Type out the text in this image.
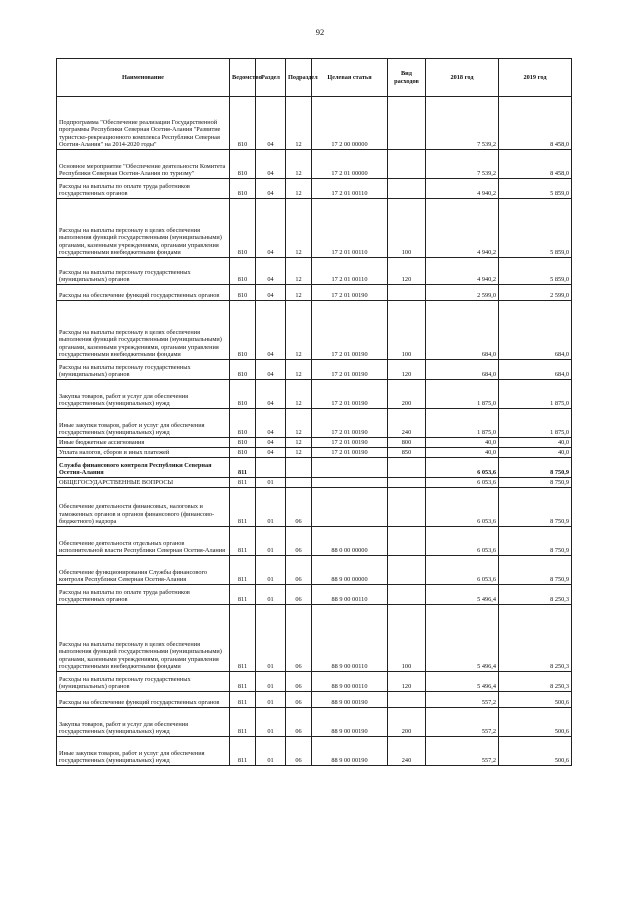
92
Наименование	Ведомство	Раздел	Подраздел	Целевая статья	Вид расходов	2018 год	2019 год
Подпрограмма "Обеспечение реализации Государственной программы Республики Северная Осетия-Алания "Развитие туристско-рекреационного комплекса Республики Северная Осетия-Алания" на 2014-2020 годы"	810	04	12	17 2 00 00000		7 539,2	8 458,0
Основное мероприятие "Обеспечение деятельности Комитета Республики Северная Осетия-Алания по туризму"	810	04	12	17 2 01 00000		7 539,2	8 458,0
Расходы на выплаты по оплате труда работников государственных органов	810	04	12	17 2 01 00110		4 940,2	5 859,0
Расходы на выплаты персоналу в целях обеспечения выполнения функций государственными (муниципальными) органами, казенными учреждениями, органами управления государственными внебюджетными фондами	810	04	12	17 2 01 00110	100	4 940,2	5 859,0
Расходы на выплаты персоналу государственных (муниципальных) органов	810	04	12	17 2 01 00110	120	4 940,2	5 859,0
Расходы на обеспечение функций государственных органов	810	04	12	17 2 01 00190		2 599,0	2 599,0
Расходы на выплаты персоналу в целях обеспечения выполнения функций государственными (муниципальными) органами, казенными учреждениями, органами управления государственными внебюджетными фондами	810	04	12	17 2 01 00190	100	684,0	684,0
Расходы на выплаты персоналу государственных (муниципальных) органов	810	04	12	17 2 01 00190	120	684,0	684,0
Закупка товаров, работ и услуг для обеспечения государственных (муниципальных) нужд	810	04	12	17 2 01 00190	200	1 875,0	1 875,0
Иные закупки товаров, работ и услуг для обеспечения государственных (муниципальных) нужд	810	04	12	17 2 01 00190	240	1 875,0	1 875,0
Иные бюджетные ассигнования	810	04	12	17 2 01 00190	800	40,0	40,0
Уплата налогов, сборов и иных платежей	810	04	12	17 2 01 00190	850	40,0	40,0
Служба финансового контроля Республики Северная Осетия-Алания	811					6 053,6	8 750,9
ОБЩЕГОСУДАРСТВЕННЫЕ ВОПРОСЫ	811	01				6 053,6	8 750,9
Обеспечение деятельности финансовых, налоговых и таможенных органов и органов финансового (финансово-бюджетного) надзора	811	01	06			6 053,6	8 750,9
Обеспечение деятельности отдельных органов исполнительной власти Республики Северная Осетия-Алания	811	01	06	88 0 00 00000		6 053,6	8 750,9
Обеспечение функционирования Службы финансового контроля Республики Северная Осетия-Алания	811	01	06	88 9 00 00000		6 053,6	8 750,9
Расходы на выплаты по оплате труда работников государственных органов	811	01	06	88 9 00 00110		5 496,4	8 250,3
Расходы на выплаты персоналу в целях обеспечения выполнения функций государственными (муниципальными) органами, казенными учреждениями, органами управления государственными внебюджетными фондами	811	01	06	88 9 00 00110	100	5 496,4	8 250,3
Расходы на выплаты персоналу государственных (муниципальных) органов	811	01	06	88 9 00 00110	120	5 496,4	8 250,3
Расходы на обеспечение функций государственных органов	811	01	06	88 9 00 00190		557,2	500,6
Закупка товаров, работ и услуг для обеспечения государственных (муниципальных) нужд	811	01	06	88 9 00 00190	200	557,2	500,6
Иные закупки товаров, работ и услуг для обеспечения государственных (муниципальных) нужд	811	01	06	88 9 00 00190	240	557,2	500,6
